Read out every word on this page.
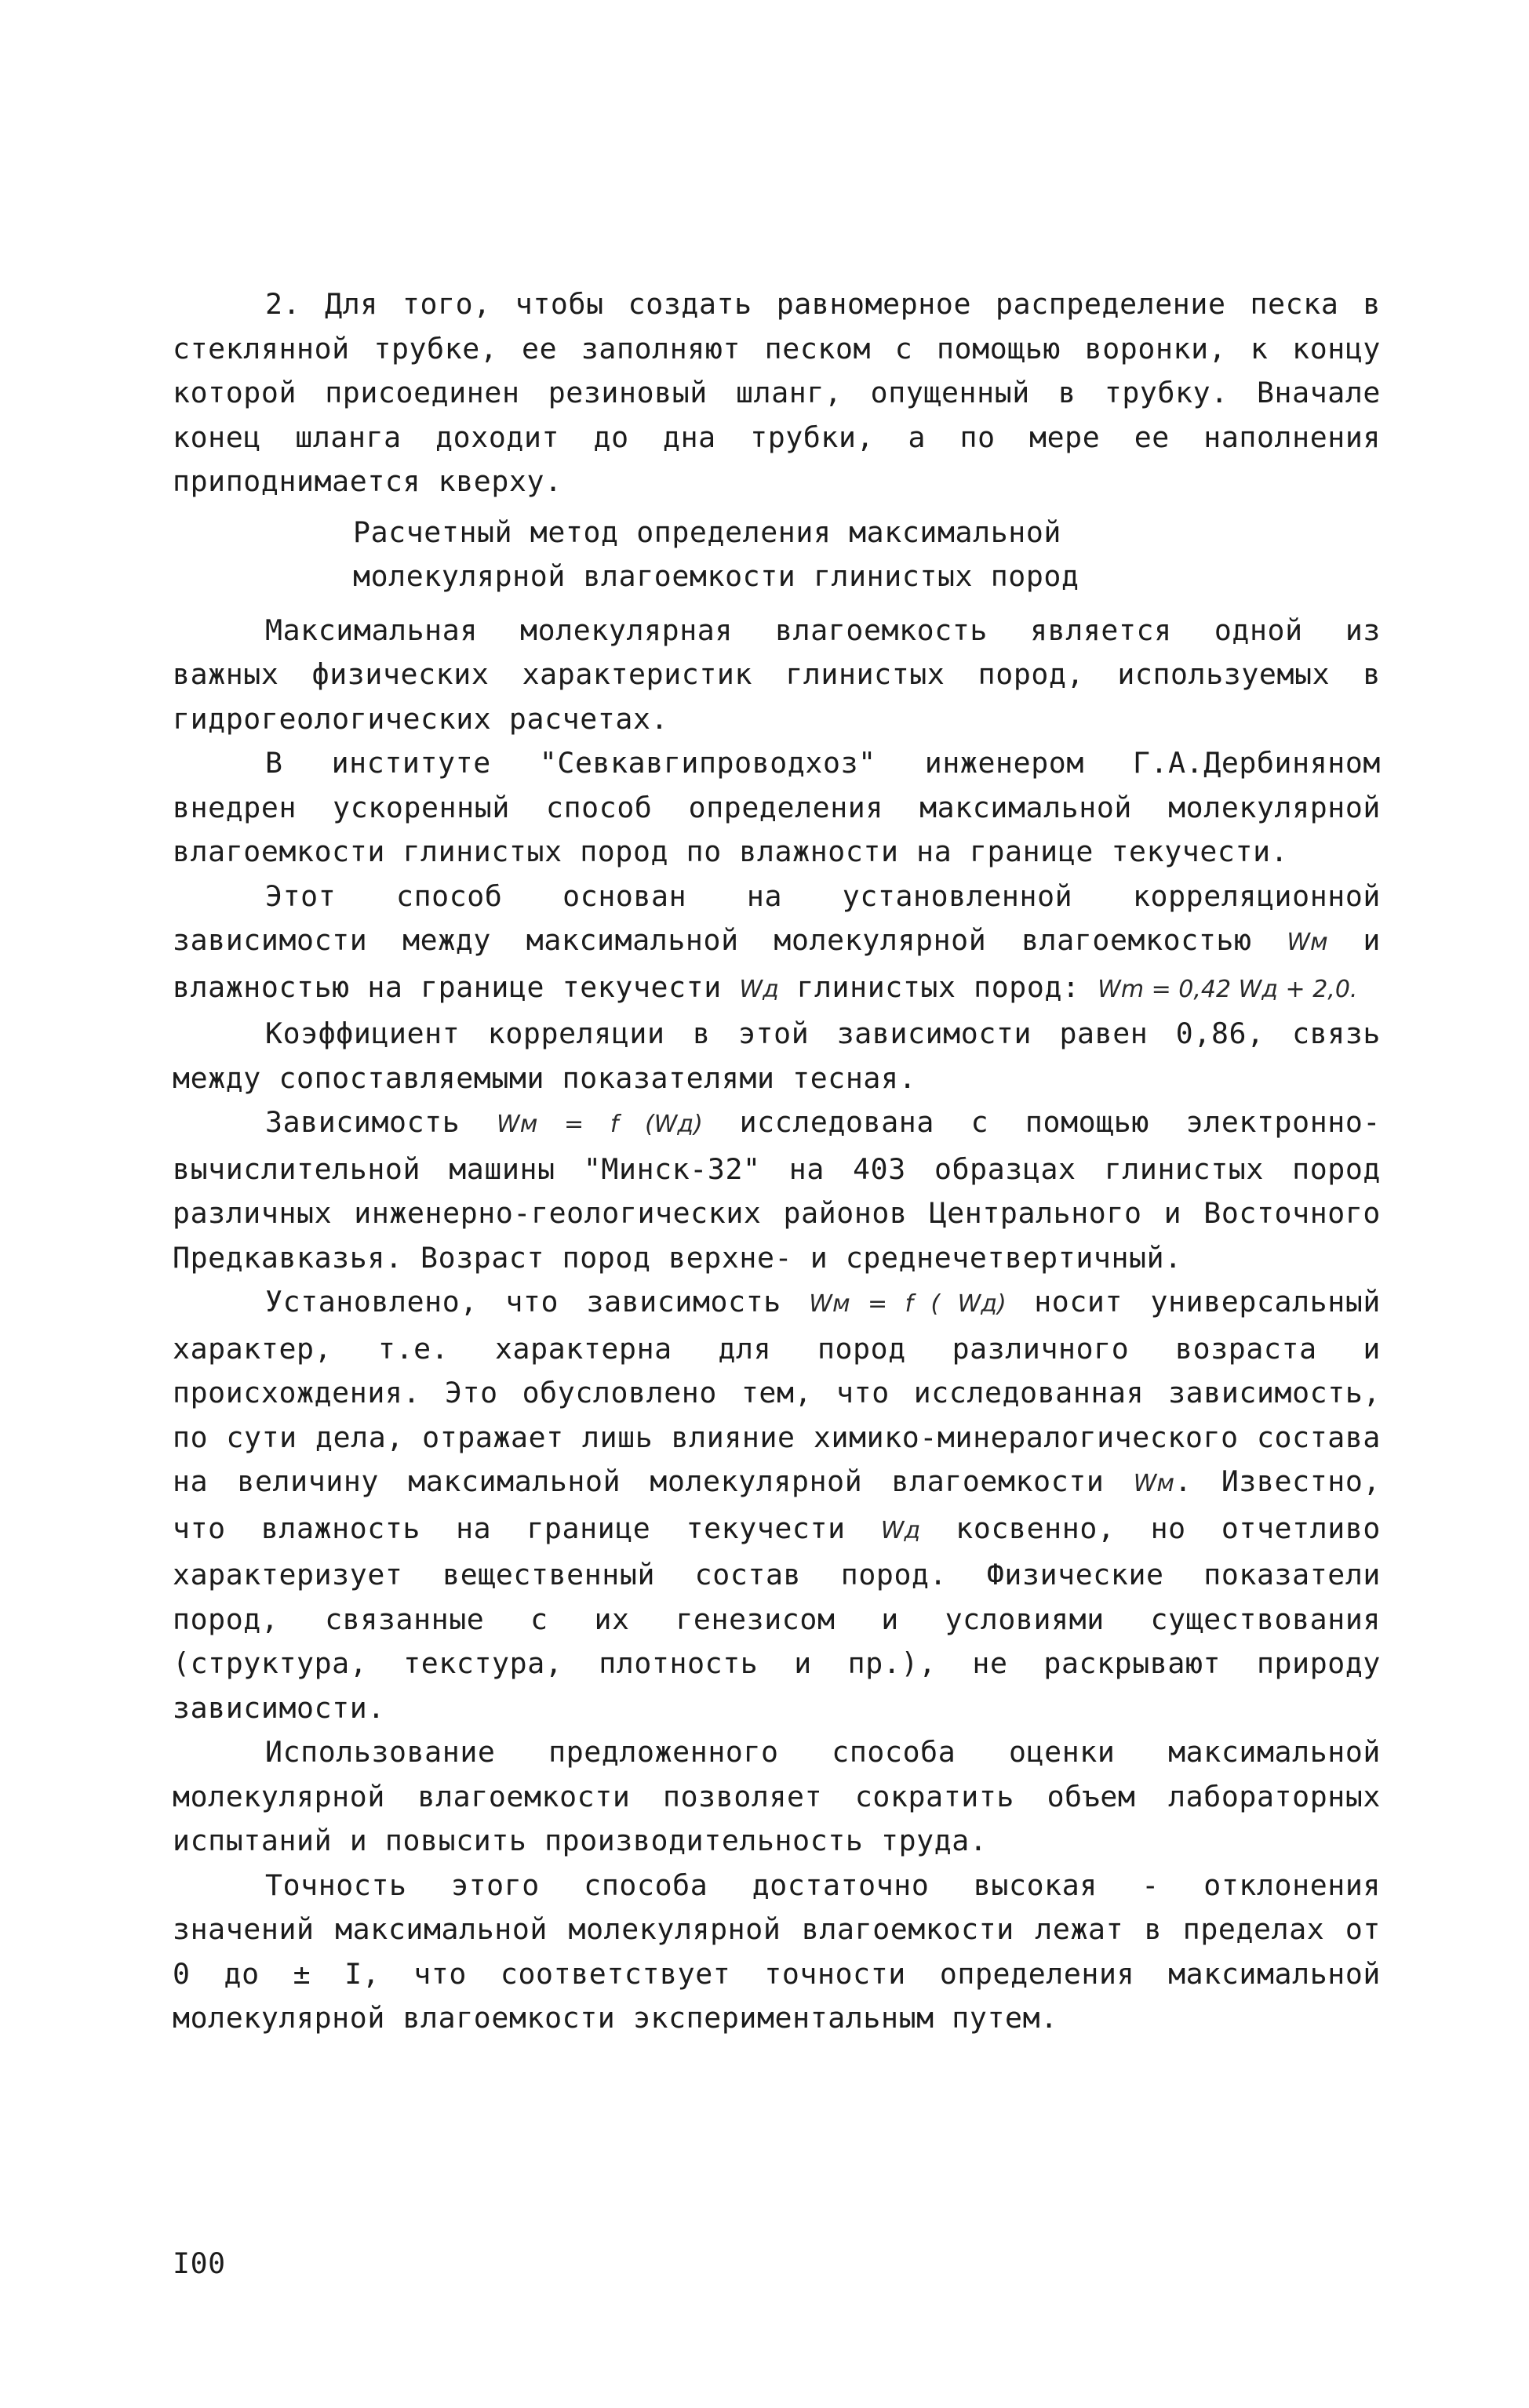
2. Для того, чтобы создать равномерное распределение песка в стеклянной трубке, ее заполняют песком с помощью воронки, к концу которой присоединен резиновый шланг, опущенный в трубку. Вначале конец шланга доходит до дна трубки, а по мере ее наполнения приподнимается кверху.

Расчетный метод определения максимальной
молекулярной влагоемкости глинистых пород

Максимальная молекулярная влагоемкость является одной из важных физических характеристик глинистых пород, используемых в гидрогеологических расчетах.

В институте "Севкавгипроводхоз" инженером Г.А.Дербиняном внедрен ускоренный способ определения максимальной молекулярной влагоемкости глинистых пород по влажности на границе текучести.

Этот способ основан на установленной корреляционной зависимости между максимальной молекулярной влагоемкостью Wм и влажностью на границе текучести Wд глинистых пород: Wm = 0,42 Wд + 2,0.

Коэффициент корреляции в этой зависимости равен 0,86, связь между сопоставляемыми показателями тесная.

Зависимость Wм = f (Wд) исследована с помощью электронно-вычислительной машины "Минск-32" на 403 образцах глинистых пород различных инженерно-геологических районов Центрального и Восточного Предкавказья. Возраст пород верхне- и среднечетвертичный.

Установлено, что зависимость Wм = f ( Wд) носит универсальный характер, т.е. характерна для пород различного возраста и происхождения. Это обусловлено тем, что исследованная зависимость, по сути дела, отражает лишь влияние химико-минералогического состава на величину максимальной молекулярной влагоемкости Wм. Известно, что влажность на границе текучести Wд косвенно, но отчетливо характеризует вещественный состав пород. Физические показатели пород, связанные с их генезисом и условиями существования (структура, текстура, плотность и пр.), не раскрывают природу зависимости.

Использование предложенного способа оценки максимальной молекулярной влагоемкости позволяет сократить объем лабораторных испытаний и повысить производительность труда.

Точность этого способа достаточно высокая - отклонения значений максимальной молекулярной влагоемкости лежат в пределах от 0 до ± I, что соответствует точности определения максимальной молекулярной влагоемкости экспериментальным путем.

I00
